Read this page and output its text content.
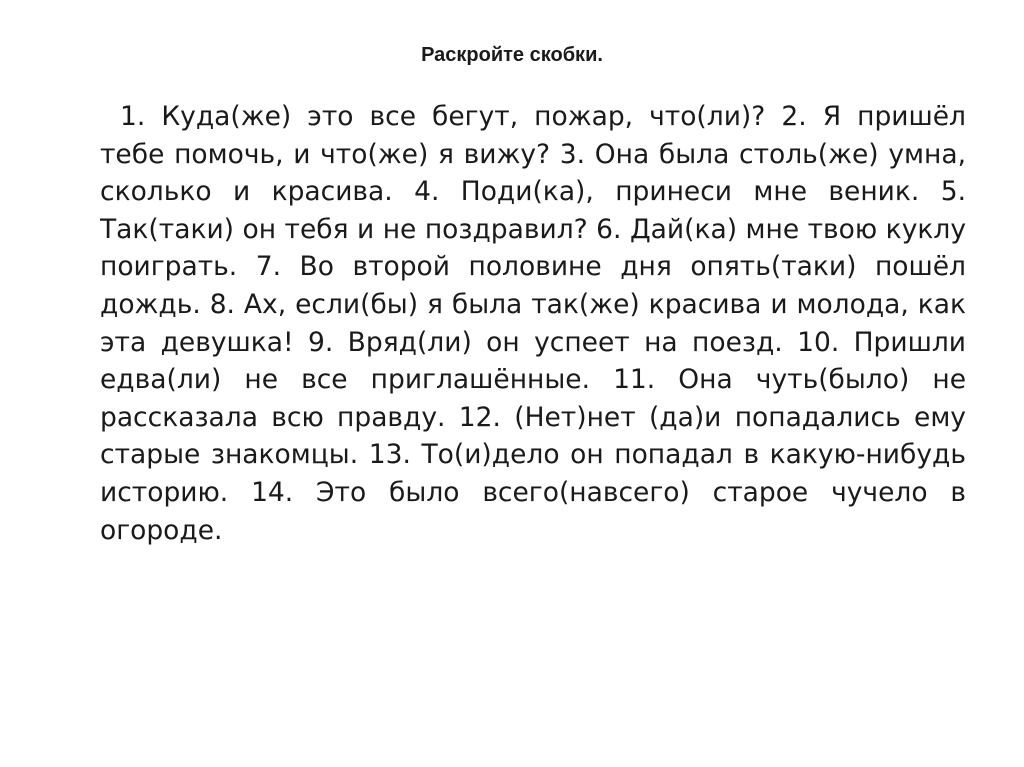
Раскройте скобки.

1. Куда(же) это все бегут, пожар, что(ли)? 2. Я пришёл тебе помочь, и что(же) я вижу? 3. Она была столь(же) умна, сколько и красива. 4. Поди(ка), принеси мне веник. 5. Так(таки) он тебя и не поздравил? 6. Дай(ка) мне твою куклу поиграть. 7. Во второй половине дня опять(таки) пошёл дождь. 8. Ах, если(бы) я была так(же) красива и молода, как эта девушка! 9. Вряд(ли) он успеет на поезд. 10. Пришли едва(ли) не все приглашённые. 11. Она чуть(было) не рассказала всю правду. 12. (Нет)нет (да)и попадались ему старые знакомцы. 13. То(и)дело он попадал в какую-нибудь историю. 14. Это было всего(навсего) старое чучело в огороде.
